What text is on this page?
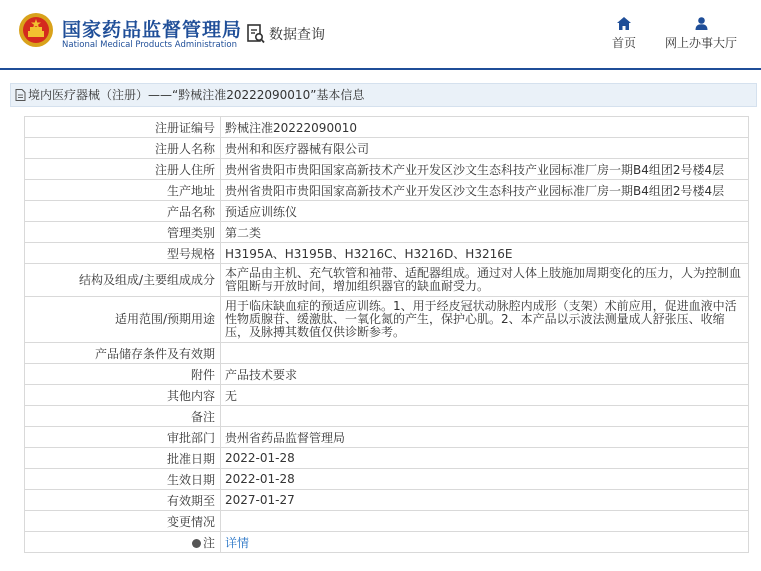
国家药品监督管理局
National Medical Products Administration
数据查询	首页	网上办事大厅
境内医疗器械（注册）——“黔械注准20222090010”基本信息
注册证编号	黔械注准20222090010
注册人名称	贵州和和医疗器械有限公司
注册人住所	贵州省贵阳市贵阳国家高新技术产业开发区沙文生态科技产业园标准厂房一期B4组团2号楼4层
生产地址	贵州省贵阳市贵阳国家高新技术产业开发区沙文生态科技产业园标准厂房一期B4组团2号楼4层
产品名称	预适应训练仪
管理类别	第二类
型号规格	H3195A、H3195B、H3216C、H3216D、H3216E
结构及组成/主要组成成分	本产品由主机、充气软管和袖带、适配器组成。通过对人体上肢施加周期变化的压力，人为控制血管阻断与开放时间，增加组织器官的缺血耐受力。
适用范围/预期用途	用于临床缺血症的预适应训练。1、用于经皮冠状动脉腔内成形（支架）术前应用，促进血液中活性物质腺苷、缓激肽、一氧化氮的产生，保护心肌。2、本产品以示波法测量成人舒张压、收缩压，及脉搏其数值仅供诊断参考。
产品储存条件及有效期	
附件	产品技术要求
其他内容	无
备注	
审批部门	贵州省药品监督管理局
批准日期	2022-01-28
生效日期	2022-01-28
有效期至	2027-01-27
变更情况	
注	详情
